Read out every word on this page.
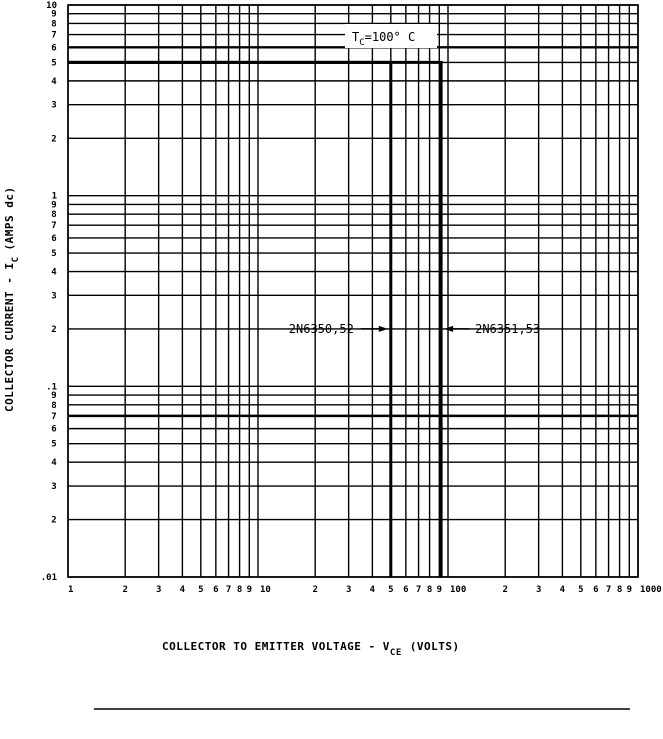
1	2	3 4 5 6 7 8 9 10	2	3 4 5 6 7 8 9 100	2	3 4 5 6 7 8 9 1000
.01
2
3
4
5
6
7
8
9
.1
2
3
4
5
6
7
8
9
1
2
3
4
5
6
7
8
9
10
2N6350,52	2N6351,53
$T_C=100^\circ$ C
COLLECTOR TO EMITTER VOLTAGE - $V_{CE}$ (VOLTS)
COLLECTOR CURRENT - $I_C(AMPS$ dc)
